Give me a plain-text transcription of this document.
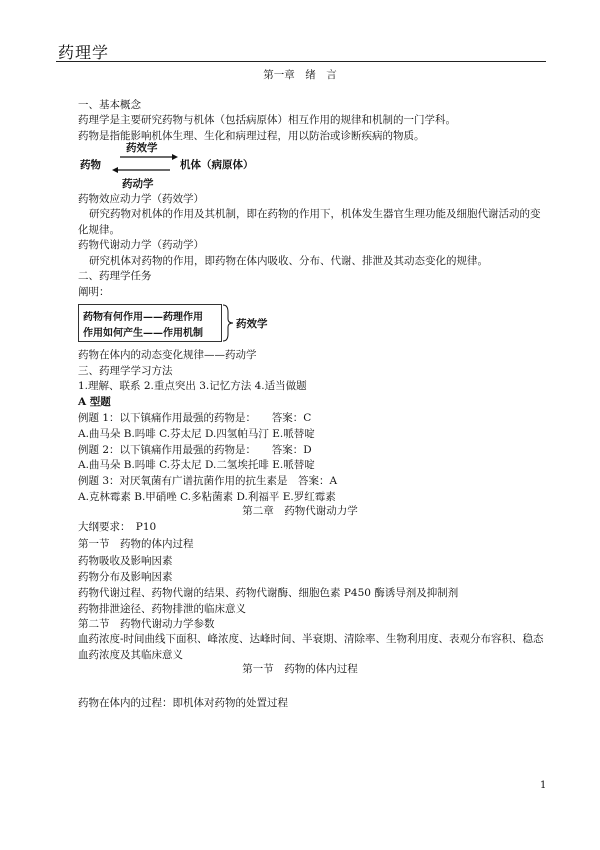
药理学
第一章　绪　言
一、基本概念
药理学是主要研究药物与机体（包括病原体）相互作用的规律和机制的一门学科。
药物是指能影响机体生理、生化和病理过程，用以防治或诊断疾病的物质。
药物
药效学
机体（病原体）
药动学
药物效应动力学（药效学）
研究药物对机体的作用及其机制，即在药物的作用下，机体发生器官生理功能及细胞代谢活动的变化规律。
药物代谢动力学（药动学）
研究机体对药物的作用，即药物在体内吸收、分布、代谢、排泄及其动态变化的规律。
二、药理学任务
阐明：
药物有何作用——药理作用
作用如何产生——作用机制
药效学
药物在体内的动态变化规律——药动学
三、药理学学习方法
1.理解、联系 2.重点突出 3.记忆方法 4.适当做题
A 型题
例题 1：以下镇痛作用最强的药物是：　　答案：C
A.曲马朵 B.吗啡 C.芬太尼 D.四氢帕马汀 E.哌替啶
例题 2：以下镇痛作用最强的药物是：　　答案：D
A.曲马朵 B.吗啡 C.芬太尼 D.二氢埃托啡 E.哌替啶
例题 3：对厌氧菌有广谱抗菌作用的抗生素是　答案：A
A.克林霉素 B.甲硝唑 C.多粘菌素 D.利福平 E.罗红霉素
第二章　药物代谢动力学
大纲要求：　P10
第一节　药物的体内过程
药物吸收及影响因素
药物分布及影响因素
药物代谢过程、药物代谢的结果、药物代谢酶、细胞色素 P450 酶诱导剂及抑制剂
药物排泄途径、药物排泄的临床意义
第二节　药物代谢动力学参数
血药浓度-时间曲线下面积、峰浓度、达峰时间、半衰期、清除率、生物利用度、表观分布容积、稳态血药浓度及其临床意义
第一节　药物的体内过程
药物在体内的过程：即机体对药物的处置过程
1
